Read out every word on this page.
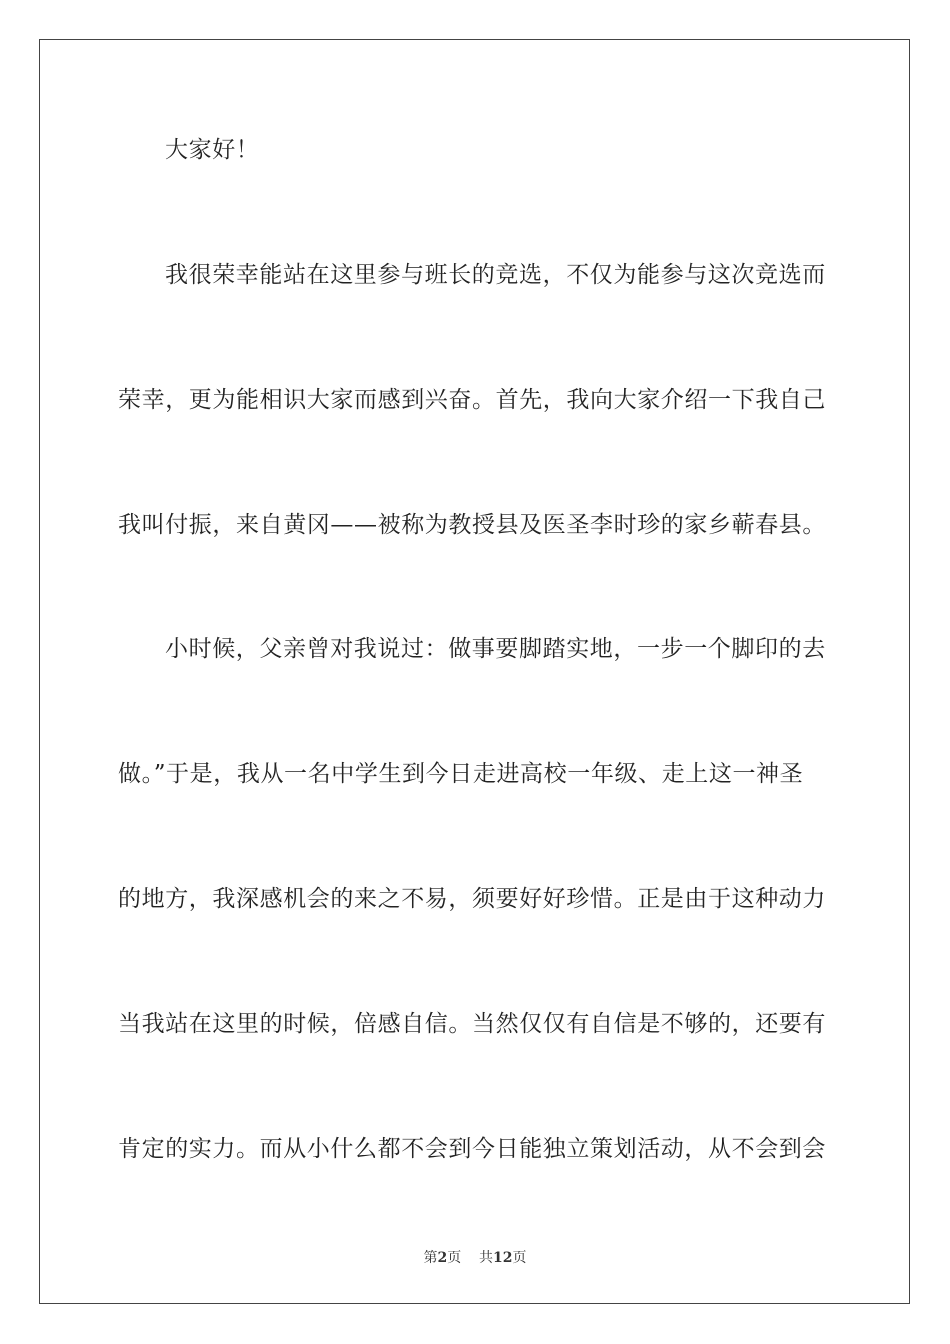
大家好！
我很荣幸能站在这里参与班长的竞选，不仅为能参与这次竞选而
荣幸，更为能相识大家而感到兴奋。首先，我向大家介绍一下我自己
我叫付振，来自黄冈——被称为教授县及医圣李时珍的家乡蕲春县。
小时候，父亲曾对我说过：做事要脚踏实地，一步一个脚印的去
做。”于是，我从一名中学生到今日走进高校一年级、走上这一神圣
的地方，我深感机会的来之不易，须要好好珍惜。正是由于这种动力
当我站在这里的时候，倍感自信。当然仅仅有自信是不够的，还要有
肯定的实力。而从小什么都不会到今日能独立策划活动，从不会到会
第2页 共12页
